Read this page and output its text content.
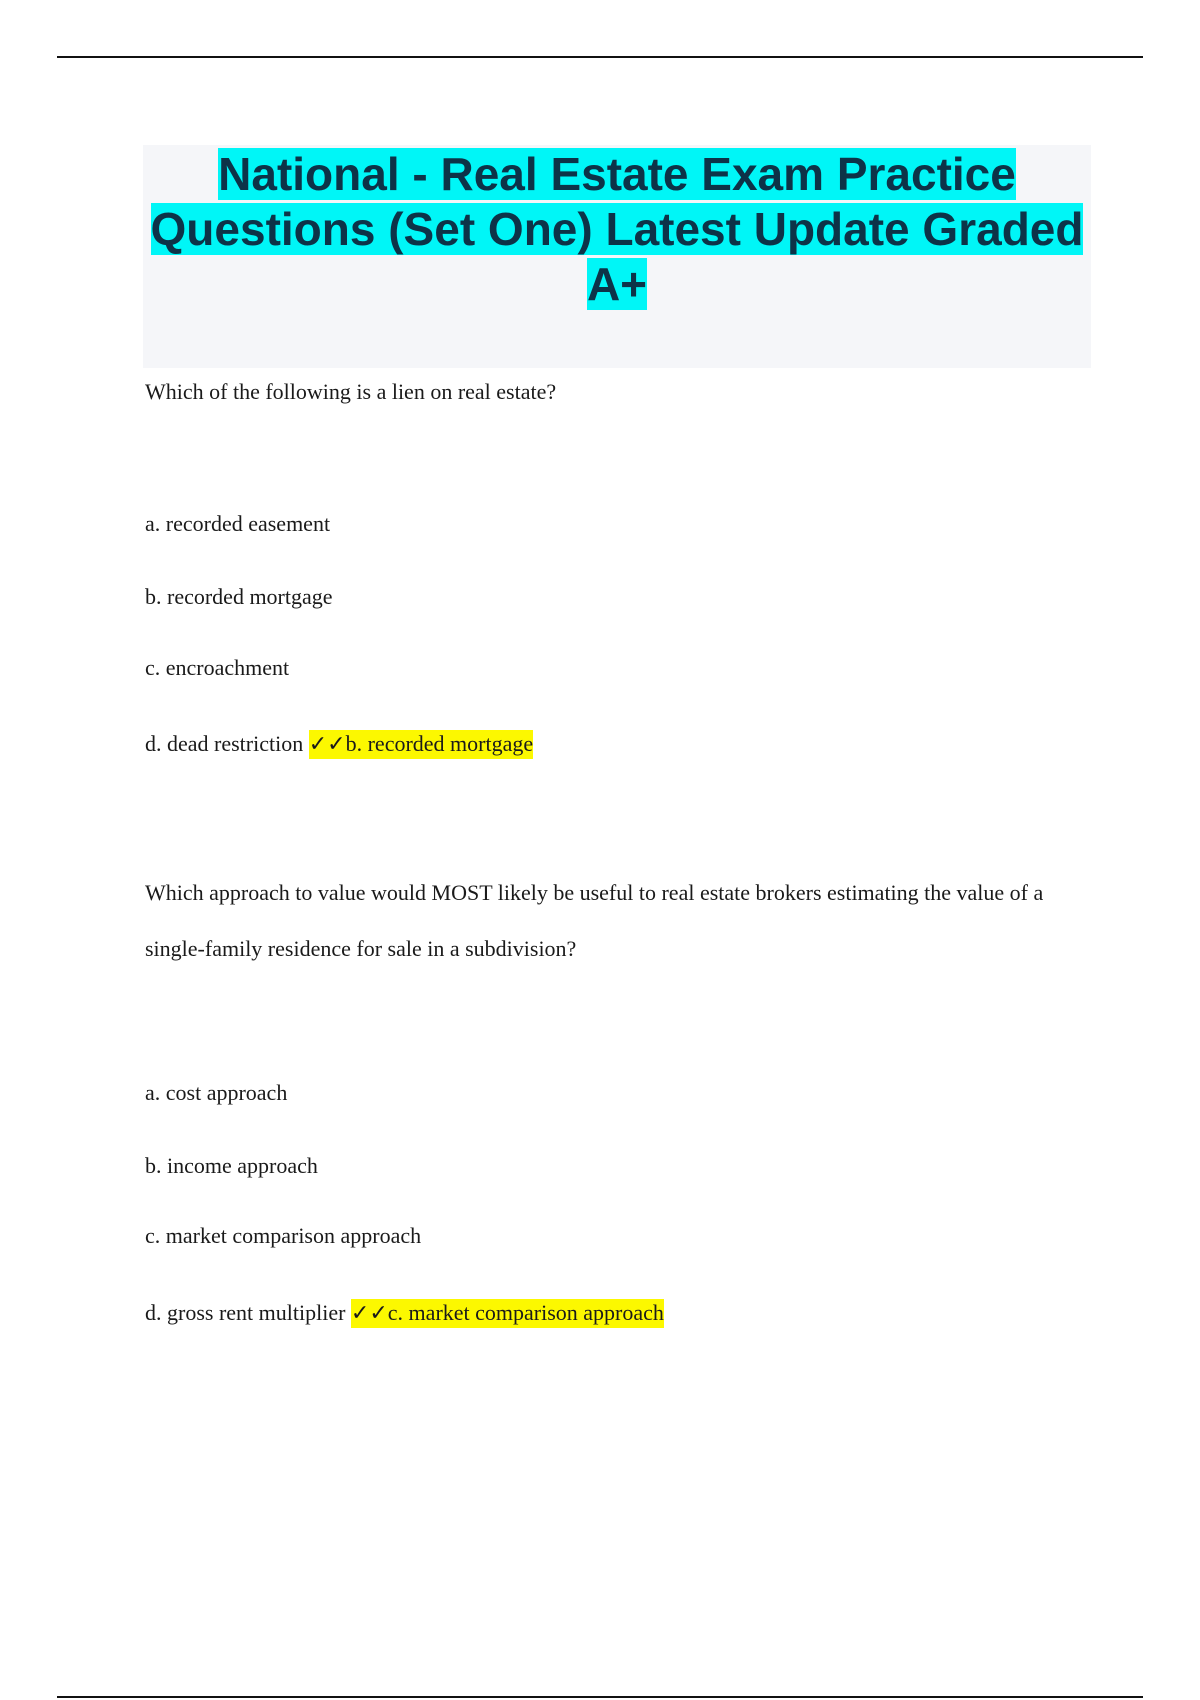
National - Real Estate Exam Practice Questions (Set One) Latest Update Graded A+

Which of the following is a lien on real estate?

a. recorded easement

b. recorded mortgage

c. encroachment

d. dead restriction ✓✓b. recorded mortgage

Which approach to value would MOST likely be useful to real estate brokers estimating the value of a single-family residence for sale in a subdivision?

a. cost approach

b. income approach

c. market comparison approach

d. gross rent multiplier ✓✓c. market comparison approach
